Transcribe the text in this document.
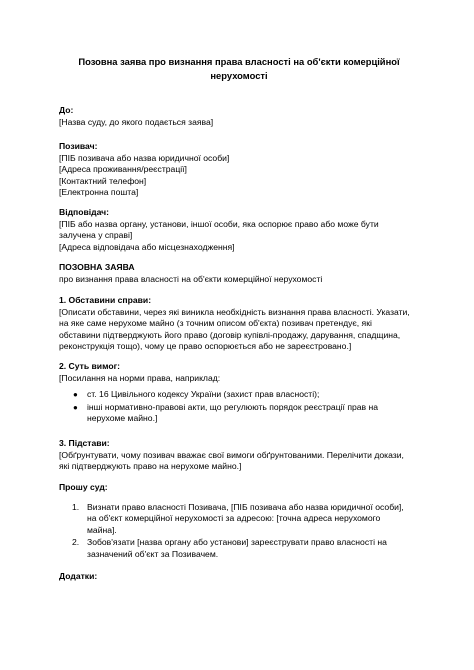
Позовна заява про визнання права власності на об'єкти комерційної
нерухомості
До:
[Назва суду, до якого подається заява]
Позивач:
[ПІБ позивача або назва юридичної особи]
[Адреса проживання/реєстрації]
[Контактний телефон]
[Електронна пошта]
Відповідач:
[ПІБ або назва органу, установи, іншої особи, яка оспорює право або може бути
залучена у справі]
[Адреса відповідача або місцезнаходження]
ПОЗОВНА ЗАЯВА
про визнання права власності на об'єкти комерційної нерухомості
1. Обставини справи:
[Описати обставини, через які виникла необхідність визнання права власності. Указати,
на яке саме нерухоме майно (з точним описом об'єкта) позивач претендує, які
обставини підтверджують його право (договір купівлі-продажу, дарування, спадщина,
реконструкція тощо), чому це право оспорюється або не зареєстровано.]
2. Суть вимог:
[Посилання на норми права, наприклад:
● ст. 16 Цивільного кодексу України (захист прав власності);
● інші нормативно-правові акти, що регулюють порядок реєстрації прав на
нерухоме майно.]
3. Підстави:
[Обґрунтувати, чому позивач вважає свої вимоги обґрунтованими. Перелічити докази,
які підтверджують право на нерухоме майно.]
Прошу суд:
1. Визнати право власності Позивача, [ПІБ позивача або назва юридичної особи],
на об'єкт комерційної нерухомості за адресою: [точна адреса нерухомого
майна].
2. Зобов'язати [назва органу або установи] зареєструвати право власності на
зазначений об'єкт за Позивачем.
Додатки:
